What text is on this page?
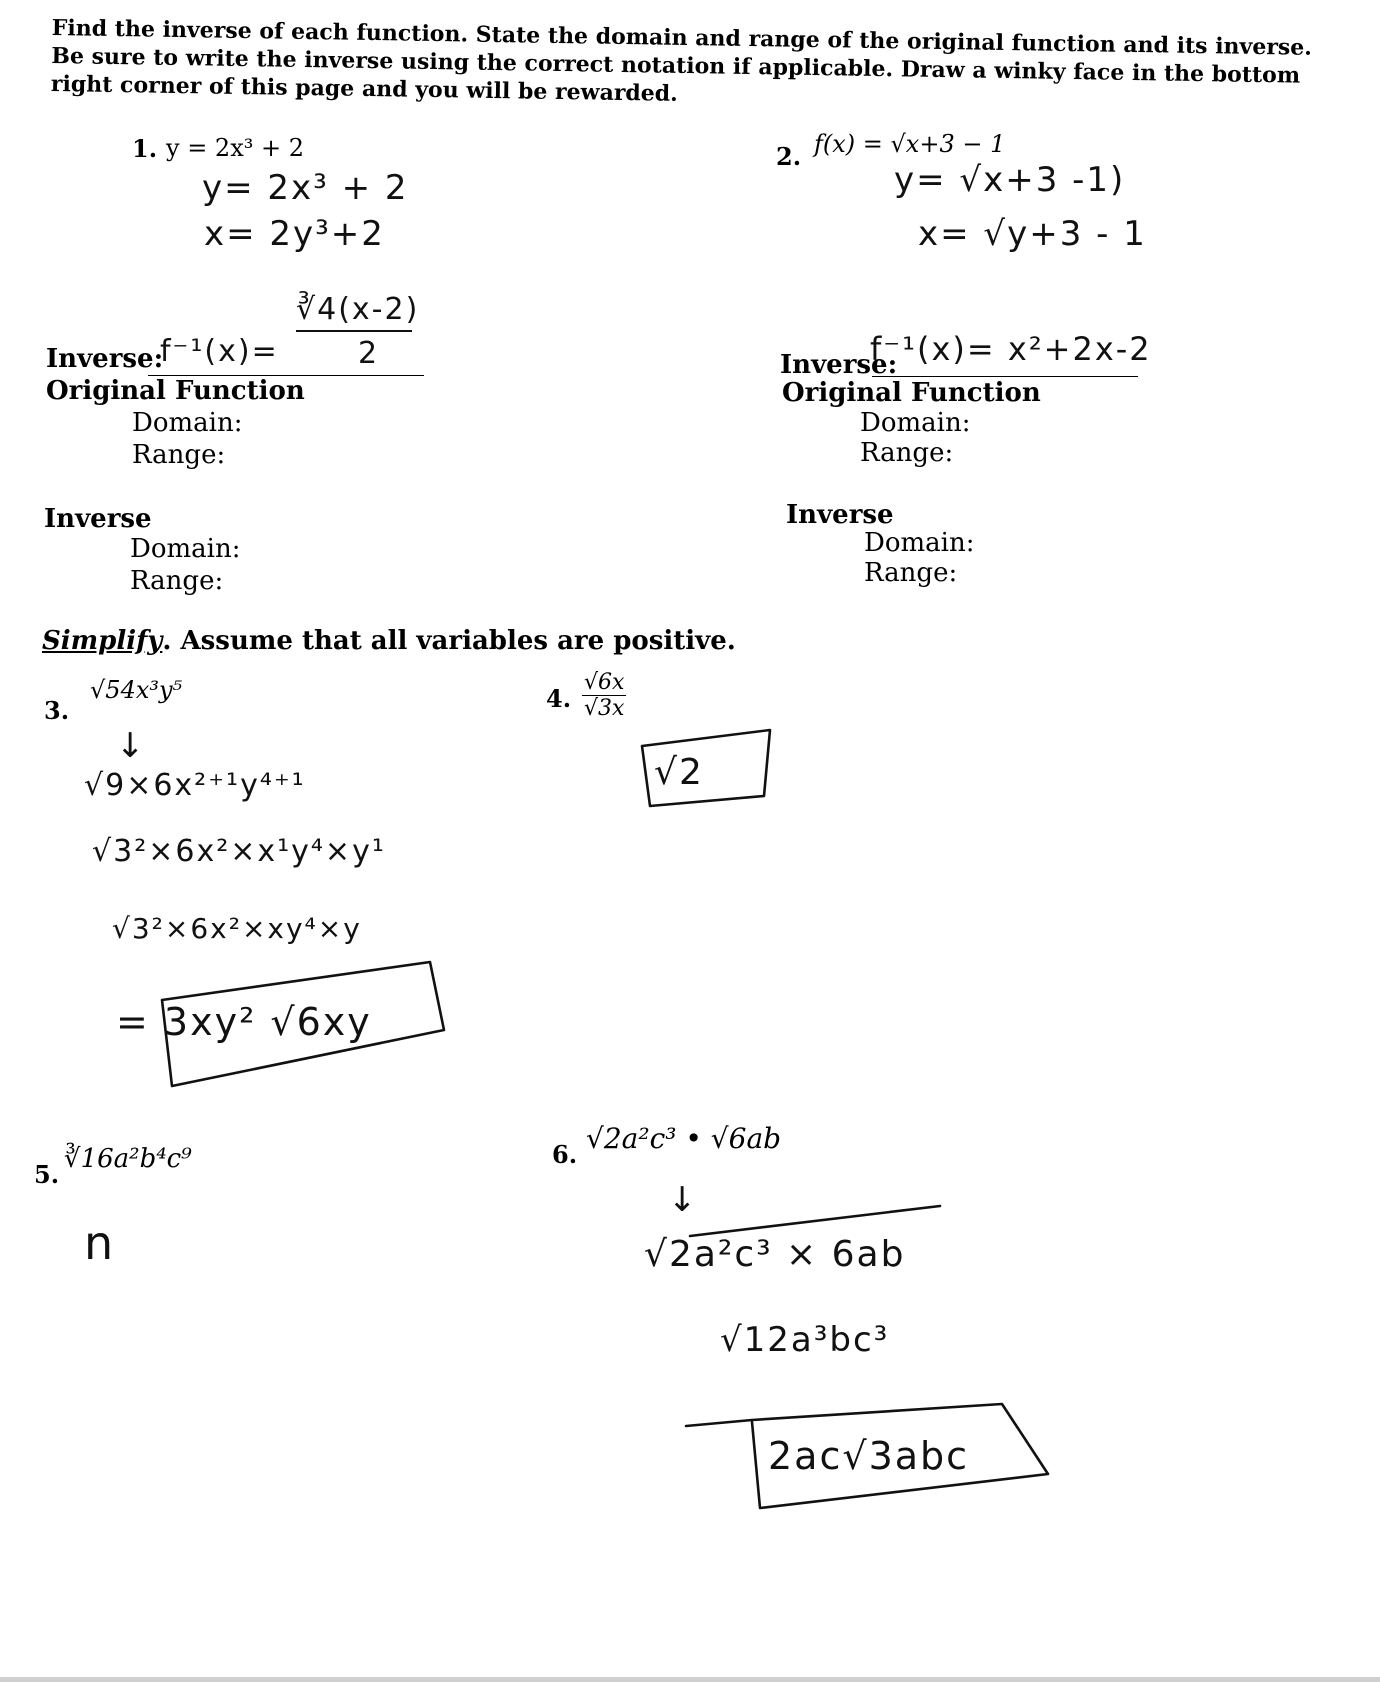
Find the inverse of each function. State the domain and range of the original function and its inverse. Be sure to write the inverse using the correct notation if applicable. Draw a winky face in the bottom right corner of this page and you will be rewarded.
1. y = 2x³ + 2
y= 2x³ + 2
x= 2y³+2
∛4(x-2)
2
Inverse:
f⁻¹(x)=
Original Function
Domain:
Range:
Inverse
Domain:
Range:
2. f(x) = √x+3 − 1
y= √x+3 -1)
x= √y+3 - 1
Inverse:
f⁻¹(x)= x²+2x-2
Original Function
Domain:
Range:
Inverse
Domain:
Range:
Simplify. Assume that all variables are positive.
3.
√54x³y⁵
↓
√9×6x²⁺¹y⁴⁺¹
√3²×6x²×x¹y⁴×y¹
√3²×6x²×xy⁴×y
= 3xy² √6xy
4. $\frac{√6x}{√3x}$
√2
5.
∛16a²b⁴c⁹
n
6. √2a²c³ • √6ab
↓
√2a²c³ × 6ab
√12a³bc³
2ac√3abc
